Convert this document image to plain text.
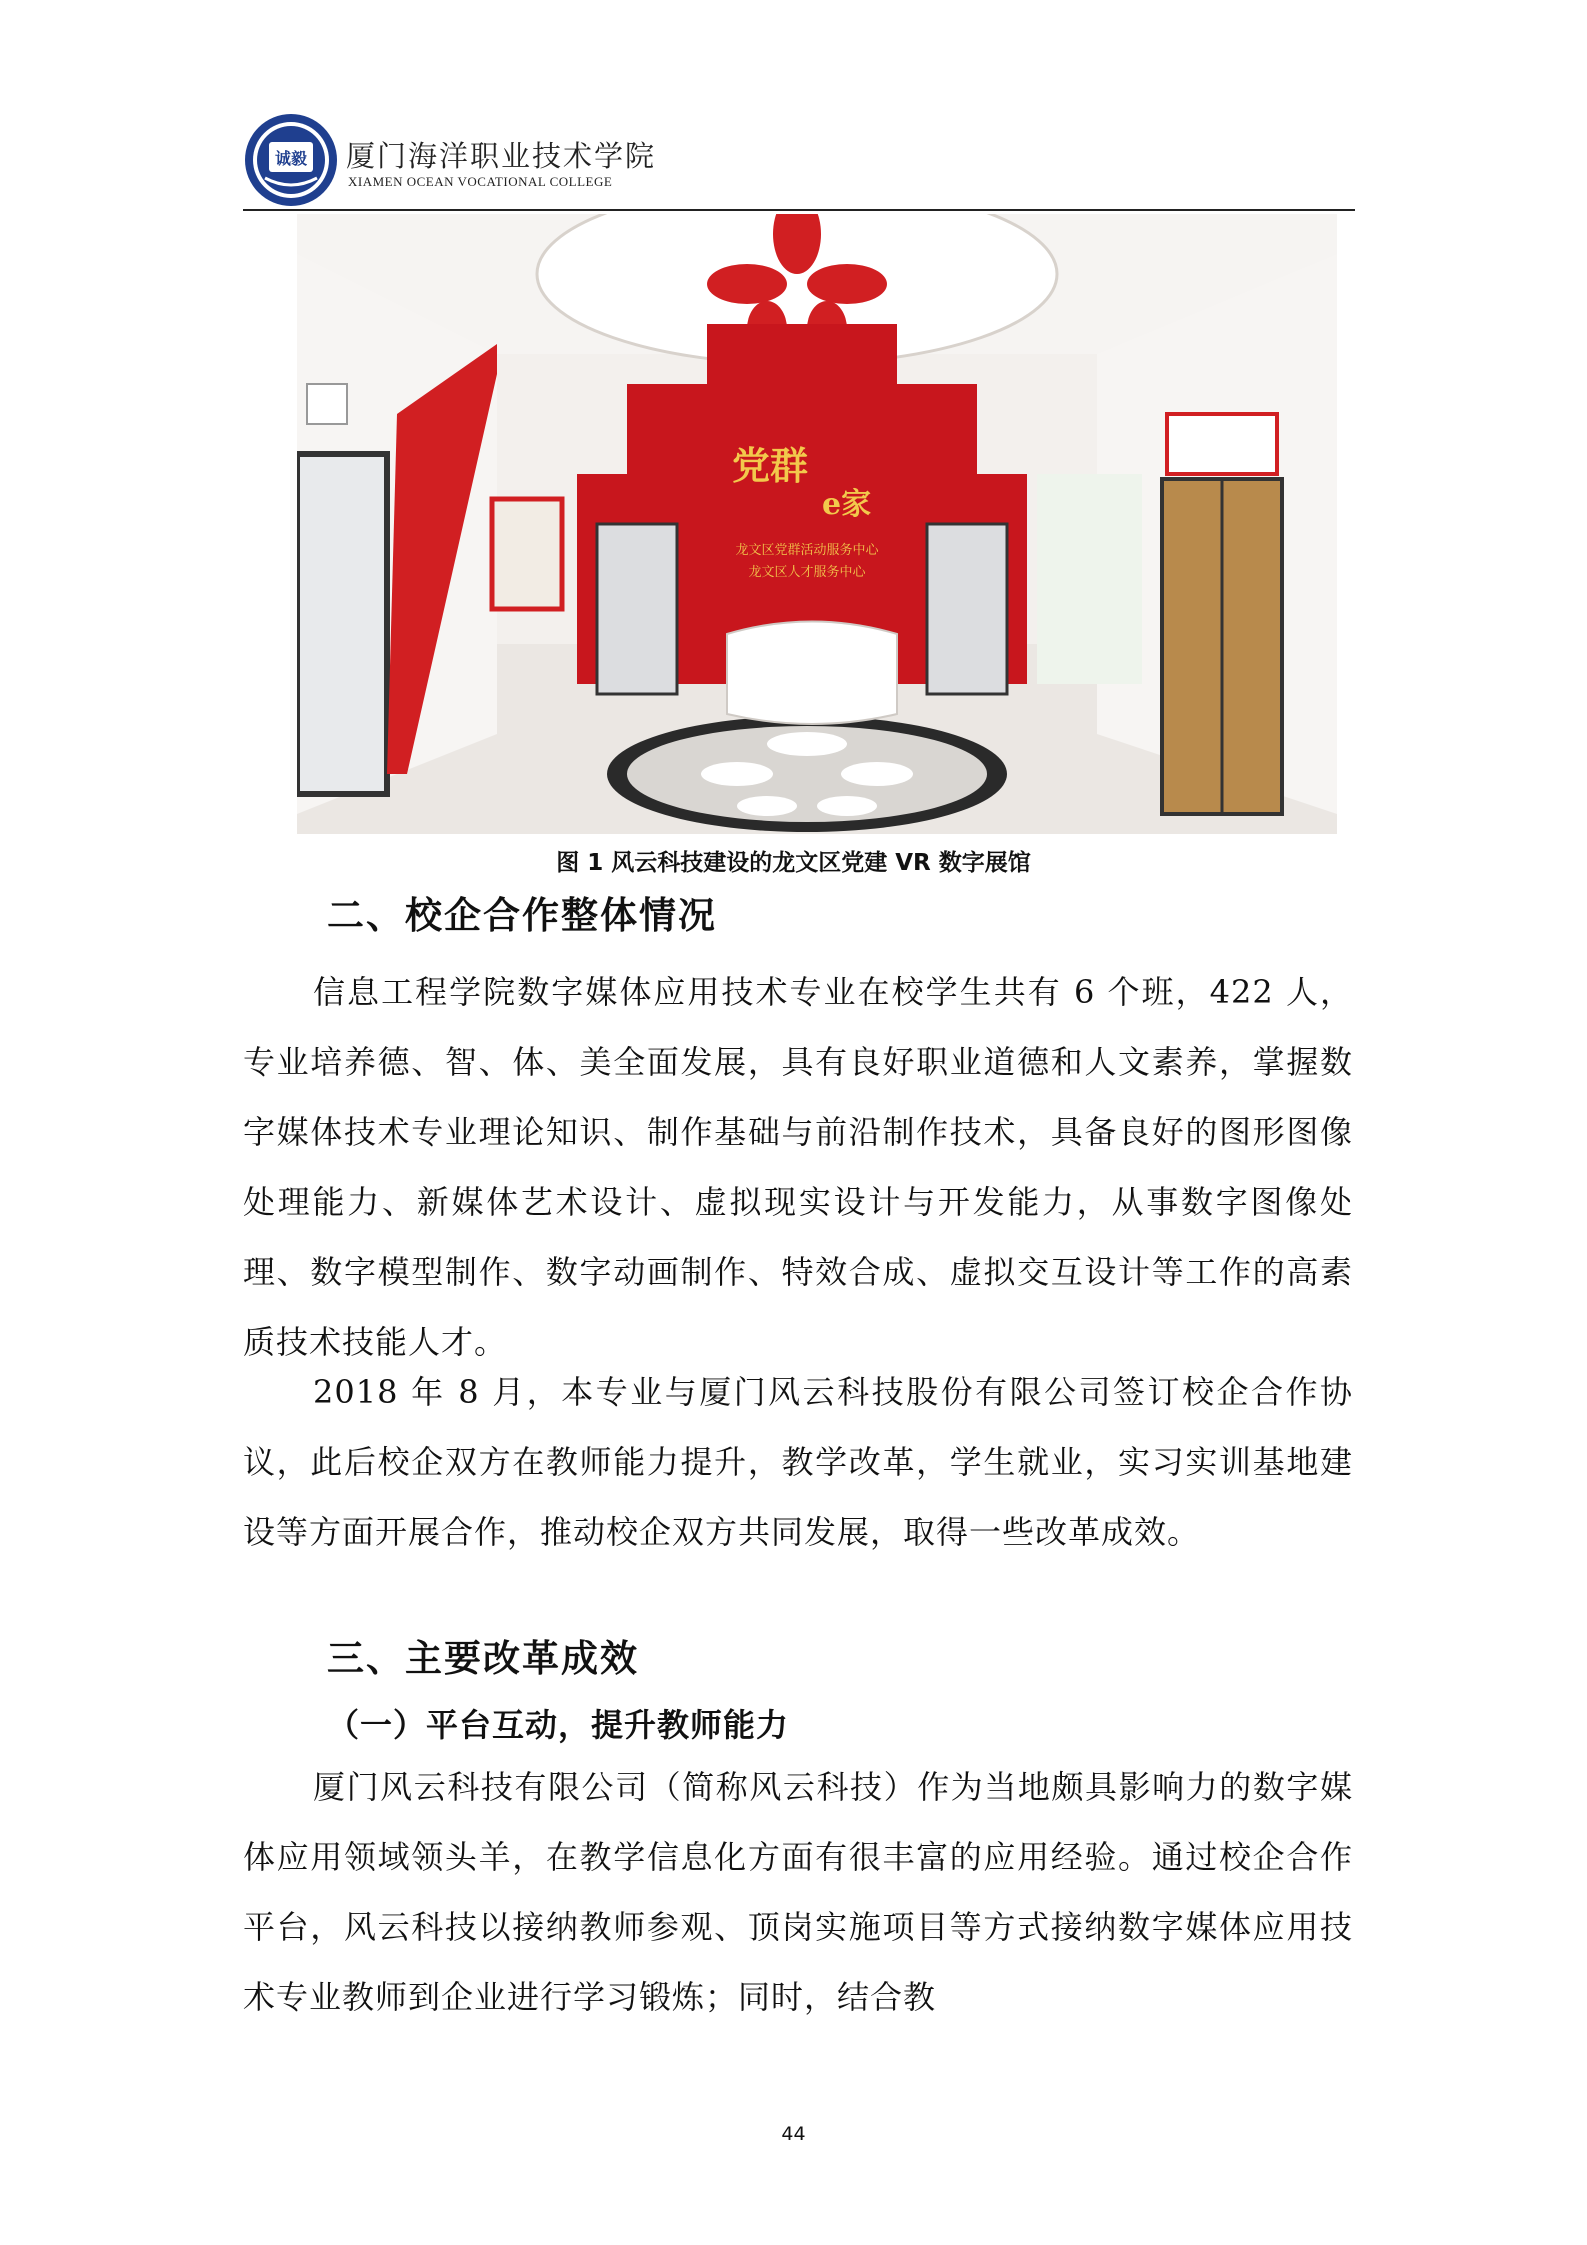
诚毅 厦门海洋职业技术学院
XIAMEN OCEAN VOCATIONAL COLLEGE
党群
e家
龙文区党群活动服务中心
龙文区人才服务中心
图 1 风云科技建设的龙文区党建 VR 数字展馆
二、校企合作整体情况

信息工程学院数字媒体应用技术专业在校学生共有 6 个班，422 人，专业培养德、智、体、美全面发展，具有良好职业道德和人文素养，掌握数字媒体技术专业理论知识、制作基础与前沿制作技术，具备良好的图形图像处理能力、新媒体艺术设计、虚拟现实设计与开发能力，从事数字图像处理、数字模型制作、数字动画制作、特效合成、虚拟交互设计等工作的高素质技术技能人才。

2018 年 8 月，本专业与厦门风云科技股份有限公司签订校企合作协议，此后校企双方在教师能力提升，教学改革，学生就业，实习实训基地建设等方面开展合作，推动校企双方共同发展，取得一些改革成效。

三、主要改革成效
（一）平台互动，提升教师能力

厦门风云科技有限公司（简称风云科技）作为当地颇具影响力的数字媒体应用领域领头羊，在教学信息化方面有很丰富的应用经验。通过校企合作平台，风云科技以接纳教师参观、顶岗实施项目等方式接纳数字媒体应用技术专业教师到企业进行学习锻炼；同时，结合教

44
